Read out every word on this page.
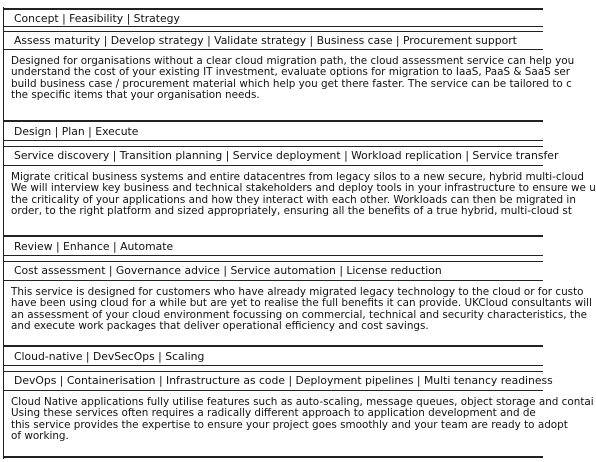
Concept | Feasibility | Strategy
Assess maturity | Develop strategy | Validate strategy | Business case | Procurement support
Designed for organisations without a clear cloud migration path, the cloud assessment service can help you
understand the cost of your existing IT investment, evaluate options for migration to IaaS, PaaS & SaaS ser
build business case / procurement material which help you get there faster. The service can be tailored to c
the specific items that your organisation needs.
Design | Plan | Execute
Service discovery | Transition planning | Service deployment | Workload replication | Service transfer
Migrate critical business systems and entire datacentres from legacy silos to a new secure, hybrid multi-cloud
We will interview key business and technical stakeholders and deploy tools in your infrastructure to ensure we u
the criticality of your applications and how they interact with each other. Workloads can then be migrated in
order, to the right platform and sized appropriately, ensuring all the benefits of a true hybrid, multi-cloud st
Review | Enhance | Automate
Cost assessment | Governance advice | Service automation | License reduction
This service is designed for customers who have already migrated legacy technology to the cloud or for custo
have been using cloud for a while but are yet to realise the full benefits it can provide. UKCloud consultants will
an assessment of your cloud environment focussing on commercial, technical and security characteristics, the
and execute work packages that deliver operational efficiency and cost savings.
Cloud-native | DevSecOps | Scaling
DevOps | Containerisation | Infrastructure as code | Deployment pipelines | Multi tenancy readiness
Cloud Native applications fully utilise features such as auto-scaling, message queues, object storage and contai
Using these services often requires a radically different approach to application development and de
this service provides the expertise to ensure your project goes smoothly and your team are ready to adopt
of working.
